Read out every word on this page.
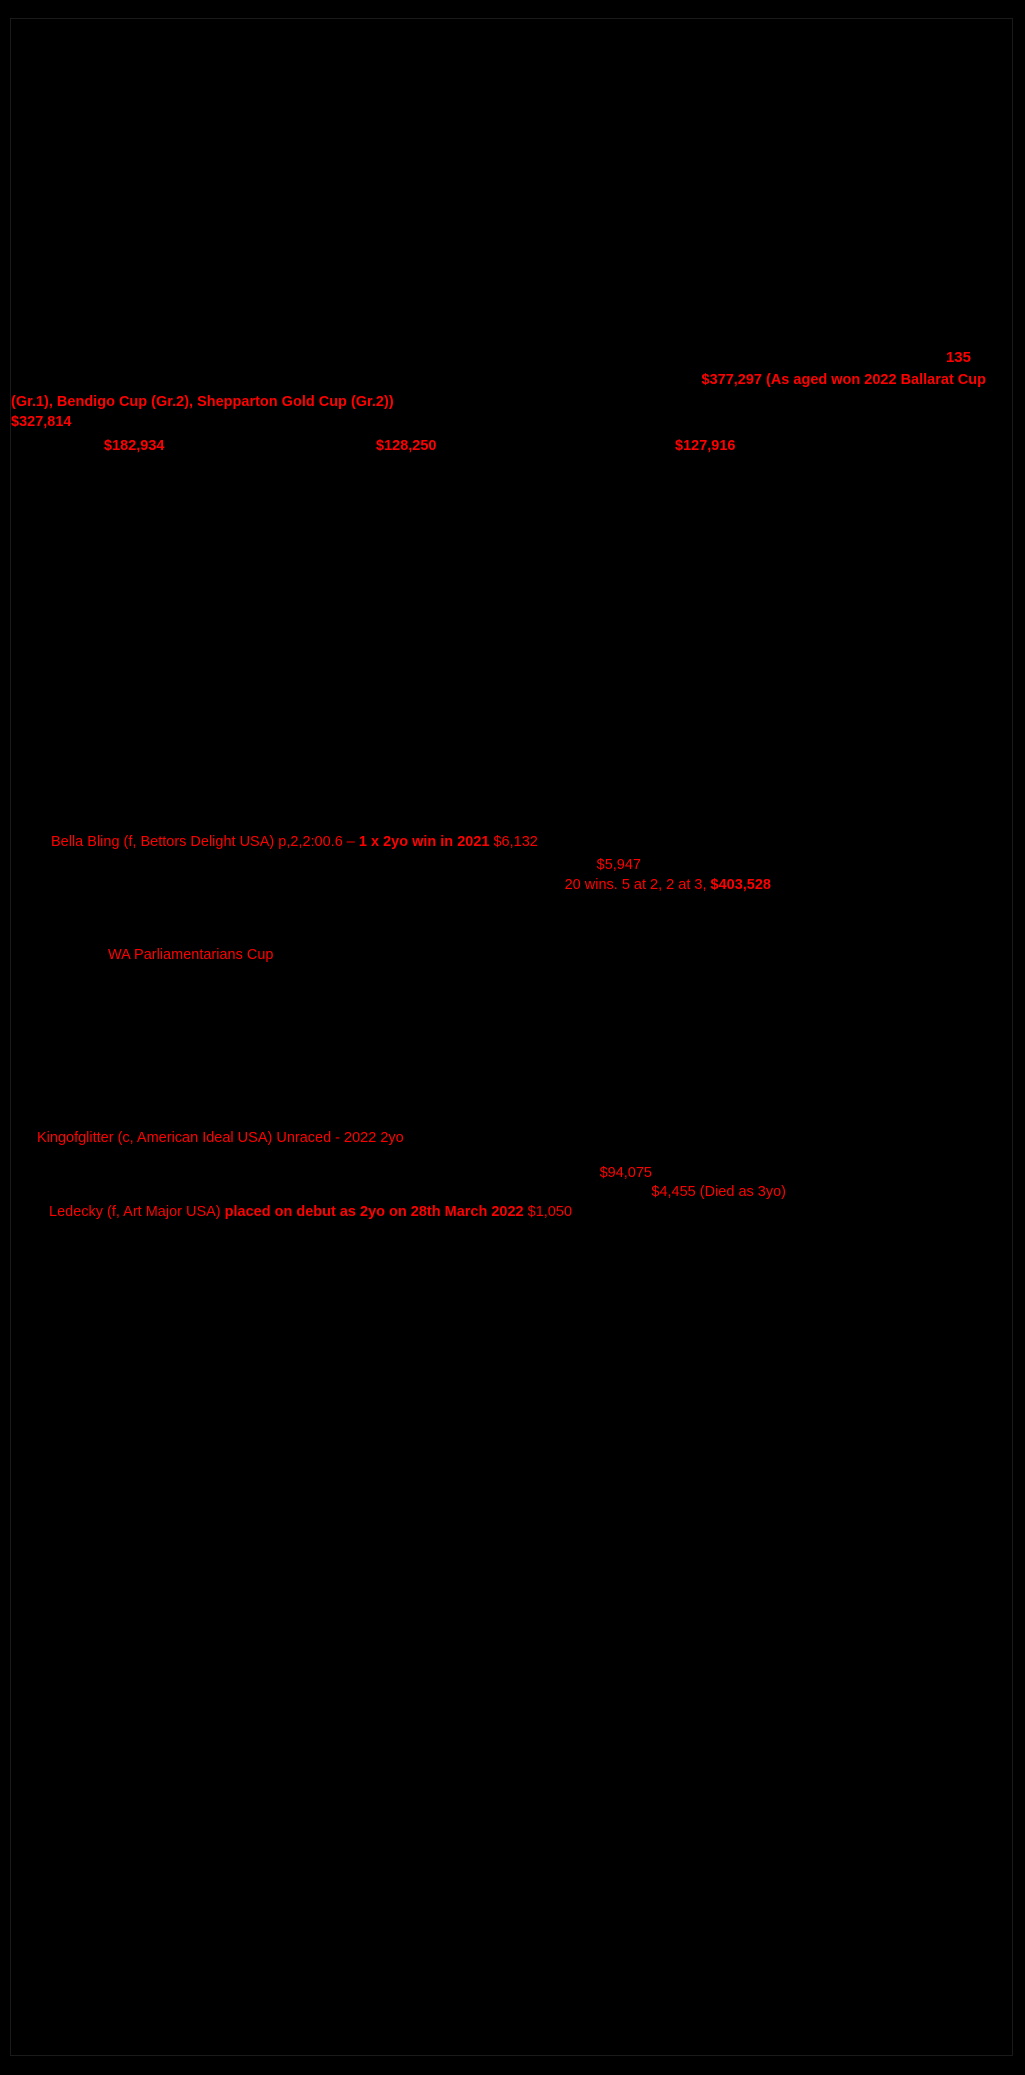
135
$377,297 (As aged won 2022 Ballarat Cup
(Gr.1), Bendigo Cup (Gr.2), Shepparton Gold Cup (Gr.2))
$327,814
$182,934	$128,250	$127,916
Bella Bling (f, Bettors Delight USA) p,2,2:00.6 – 1 x 2yo win in 2021 $6,132
$5,947
20 wins. 5 at 2, 2 at 3, $403,528
WA Parliamentarians Cup
Kingofglitter (c, American Ideal USA) Unraced - 2022 2yo
$94,075
$4,455 (Died as 3yo)
Ledecky (f, Art Major USA) placed on debut as 2yo on 28th March 2022 $1,050
